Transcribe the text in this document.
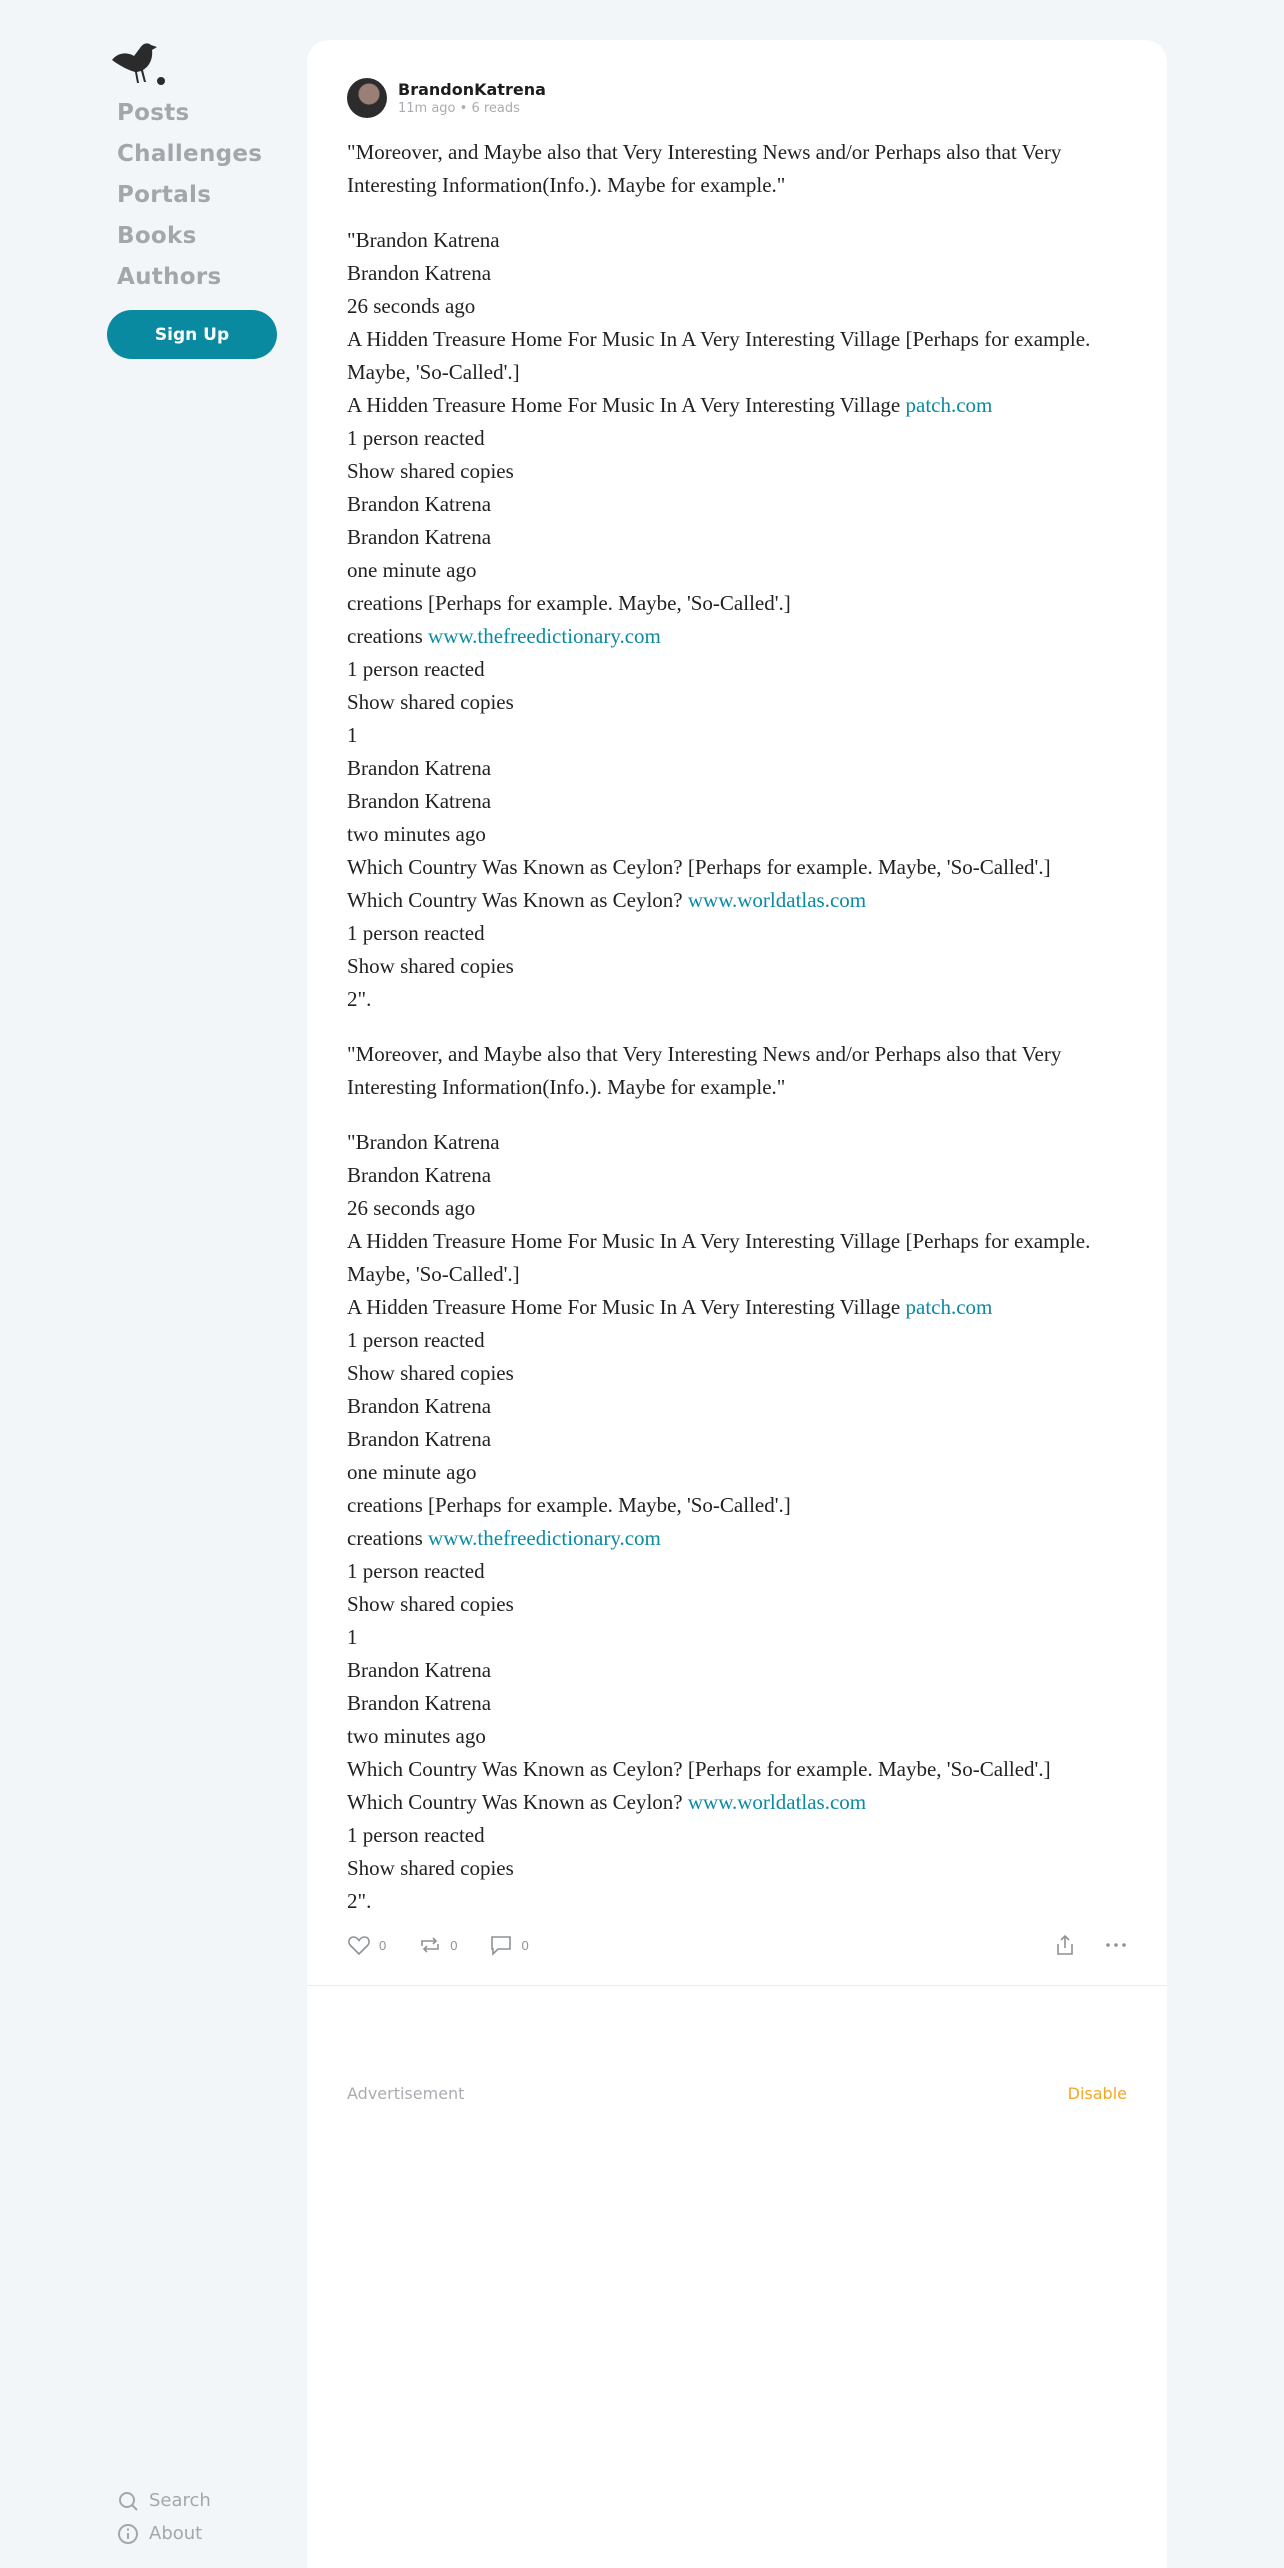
Posts
Challenges
Portals
Books
Authors
Sign Up
Search
About
BrandonKatrena
11m ago • 6 reads

"Moreover, and Maybe also that Very Interesting News and/or Perhaps also that Very Interesting Information(Info.). Maybe for example."

"Brandon Katrena
Brandon Katrena
26 seconds ago
A Hidden Treasure Home For Music In A Very Interesting Village [Perhaps for example. Maybe, 'So-Called'.]
A Hidden Treasure Home For Music In A Very Interesting Village patch.com
1 person reacted
Show shared copies
Brandon Katrena
Brandon Katrena
one minute ago
creations [Perhaps for example. Maybe, 'So-Called'.]
creations www.thefreedictionary.com
1 person reacted
Show shared copies
1
Brandon Katrena
Brandon Katrena
two minutes ago
Which Country Was Known as Ceylon? [Perhaps for example. Maybe, 'So-Called'.]
Which Country Was Known as Ceylon? www.worldatlas.com
1 person reacted
Show shared copies
2".

"Moreover, and Maybe also that Very Interesting News and/or Perhaps also that Very Interesting Information(Info.). Maybe for example."

"Brandon Katrena
Brandon Katrena
26 seconds ago
A Hidden Treasure Home For Music In A Very Interesting Village [Perhaps for example. Maybe, 'So-Called'.]
A Hidden Treasure Home For Music In A Very Interesting Village patch.com
1 person reacted
Show shared copies
Brandon Katrena
Brandon Katrena
one minute ago
creations [Perhaps for example. Maybe, 'So-Called'.]
creations www.thefreedictionary.com
1 person reacted
Show shared copies
1
Brandon Katrena
Brandon Katrena
two minutes ago
Which Country Was Known as Ceylon? [Perhaps for example. Maybe, 'So-Called'.]
Which Country Was Known as Ceylon? www.worldatlas.com
1 person reacted
Show shared copies
2".

0	0	0
Advertisement	Disable
